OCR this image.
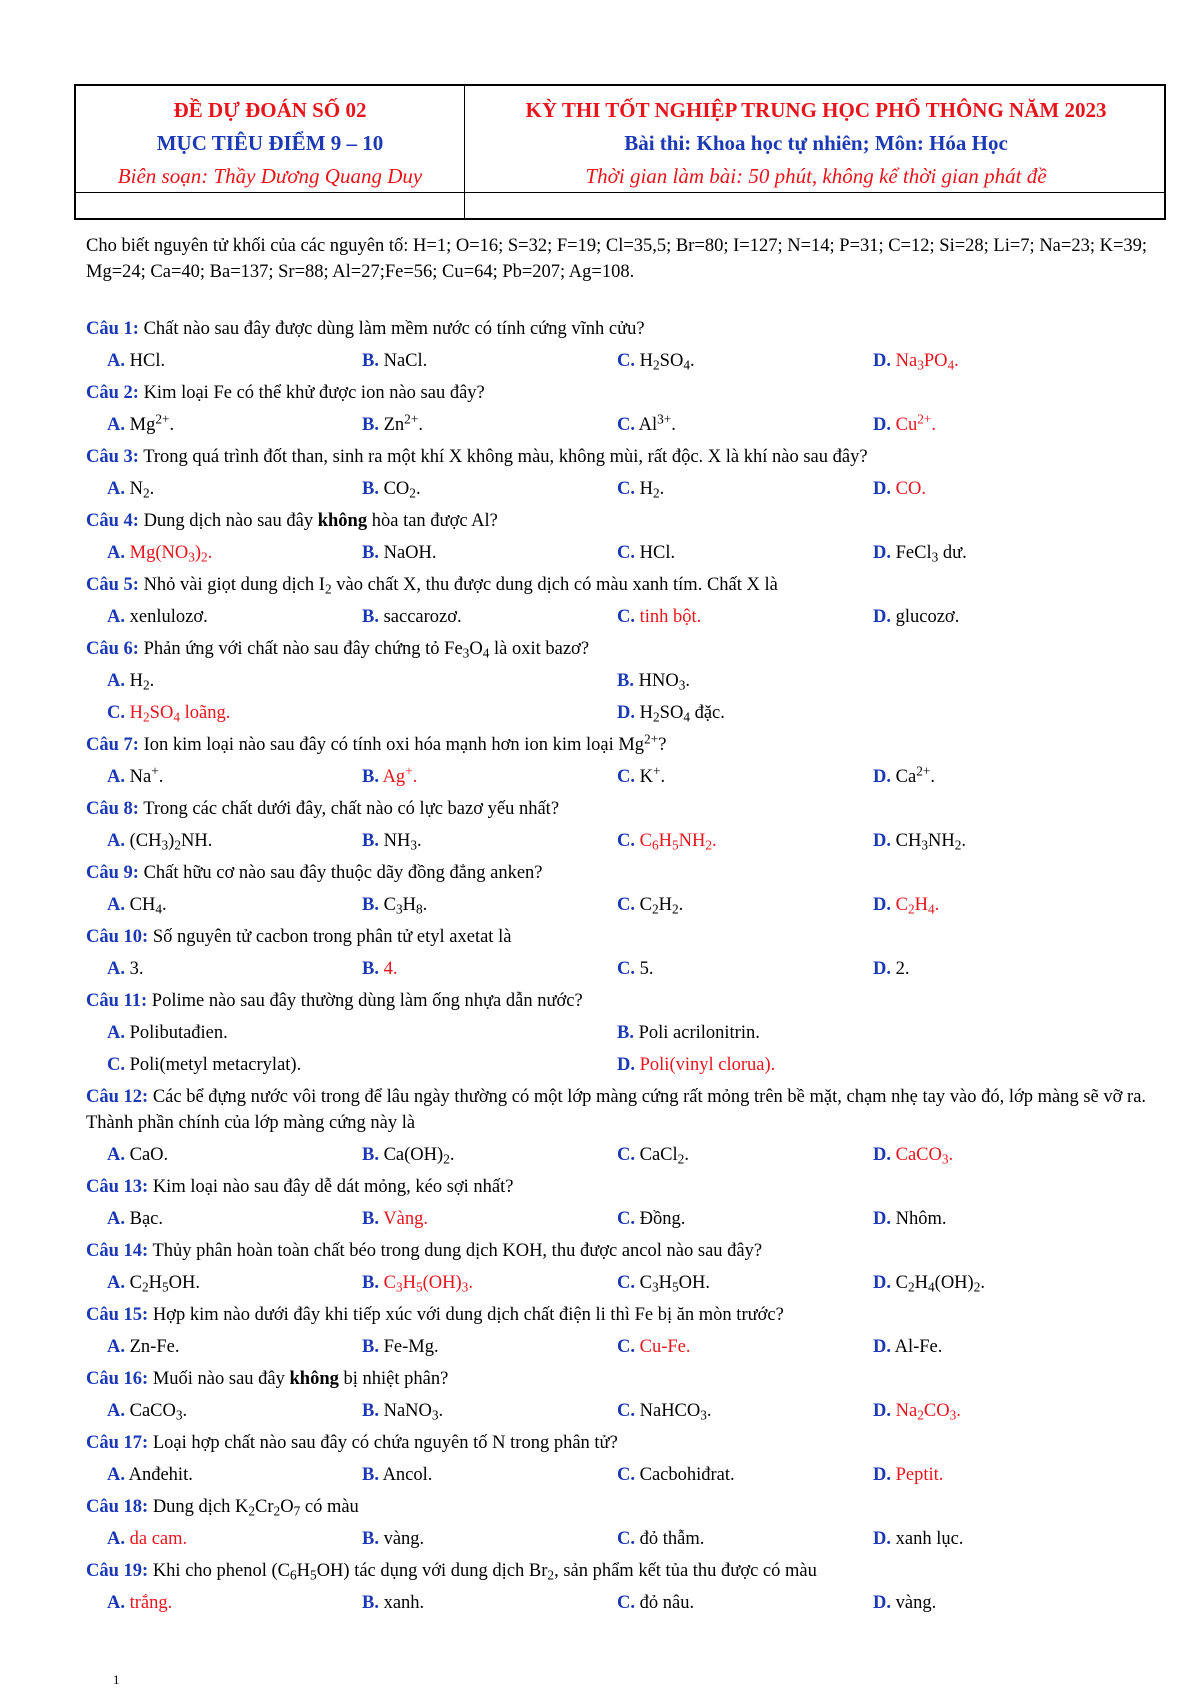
ĐỀ DỰ ĐOÁN SỐ 02
MỤC TIÊU ĐIỂM 9 – 10
Biên soạn: Thầy Dương Quang Duy
KỲ THI TỐT NGHIỆP TRUNG HỌC PHỔ THÔNG NĂM 2023
Bài thi: Khoa học tự nhiên; Môn: Hóa Học
Thời gian làm bài: 50 phút, không kể thời gian phát đề
Cho biết nguyên tử khối của các nguyên tố: H=1; O=16; S=32; F=19; Cl=35,5; Br=80; I=127; N=14; P=31; C=12; Si=28; Li=7; Na=23; K=39; Mg=24; Ca=40; Ba=137; Sr=88; Al=27;Fe=56; Cu=64; Pb=207; Ag=108.
Câu 1: Chất nào sau đây được dùng làm mềm nước có tính cứng vĩnh cửu?
A. HCl.	B. NaCl.	C. $H_2SO_4$.	D. $Na_3PO_4$.
Câu 2: Kim loại Fe có thể khử được ion nào sau đây?
A. $Mg^{2+}$.	B. $Zn^{2+}$.	C. $Al^{3+}$.	D. $Cu^{2+}$.
Câu 3: Trong quá trình đốt than, sinh ra một khí X không màu, không mùi, rất độc. X là khí nào sau đây?
A. $N_2$.	B. $CO_2$.	C. $H_2$.	D. CO.
Câu 4: Dung dịch nào sau đây không hòa tan được Al?
A. $Mg(NO_3)_2$.	B. NaOH.	C. HCl.	D. FeCl$_3$ dư.
Câu 5: Nhỏ vài giọt dung dịch $I_2$ vào chất X, thu được dung dịch có màu xanh tím. Chất X là
A. xenlulozơ.	B. saccarozơ.	C. tinh bột.	D. glucozơ.
Câu 6: Phản ứng với chất nào sau đây chứng tỏ $Fe_3O_4$ là oxit bazơ?
A. $H_2$.	B. $HNO_3$.
C. $H_2SO_4$ loãng.	D. $H_2SO_4$ đặc.
Câu 7: Ion kim loại nào sau đây có tính oxi hóa mạnh hơn ion kim loại $Mg^{2+}$?
A. Na+.	B. Ag+.	C. K+.	D. $Ca^{2+}$.
Câu 8: Trong các chất dưới đây, chất nào có lực bazơ yếu nhất?
A. $(CH_3)_2NH$.	B. $NH_3$.	C. $C_6H_5NH_2$.	D. $CH_3NH_2$.
Câu 9: Chất hữu cơ nào sau đây thuộc dãy đồng đẳng anken?
A. $CH_4$.	B. $C_3H_8$.	C. $C_2H_2$.	D. $C_2H_4$.
Câu 10: Số nguyên tử cacbon trong phân tử etyl axetat là
A. 3.	B. 4.	C. 5.	D. 2.
Câu 11: Polime nào sau đây thường dùng làm ống nhựa dẫn nước?
A. Polibutađien.	B. Poli acrilonitrin.
C. Poli(metyl metacrylat).	D. Poli(vinyl clorua).
Câu 12: Các bể đựng nước vôi trong để lâu ngày thường có một lớp màng cứng rất mỏng trên bề mặt, chạm nhẹ tay vào đó, lớp màng sẽ vỡ ra. Thành phần chính của lớp màng cứng này là
A. CaO.	B. $Ca(OH)_2$.	C. CaCl$_2$.	D. CaCO$_3$.
Câu 13: Kim loại nào sau đây dễ dát mỏng, kéo sợi nhất?
A. Bạc.	B. Vàng.	C. Đồng.	D. Nhôm.
Câu 14: Thủy phân hoàn toàn chất béo trong dung dịch KOH, thu được ancol nào sau đây?
A. $C_2H_5OH$.	B. $C_3H_5(OH)_3$.	C. $C_3H_5OH$.	D. $C_2H_4(OH)_2$.
Câu 15: Hợp kim nào dưới đây khi tiếp xúc với dung dịch chất điện li thì Fe bị ăn mòn trước?
A. Zn-Fe.	B. Fe-Mg.	C. Cu-Fe.	D. Al-Fe.
Câu 16: Muối nào sau đây không bị nhiệt phân?
A. CaCO$_3$.	B. NaNO$_3$.	C. NaHCO$_3$.	D. $Na_2CO_3$.
Câu 17: Loại hợp chất nào sau đây có chứa nguyên tố N trong phân tử?
A. Anđehit.	B. Ancol.	C. Cacbohiđrat.	D. Peptit.
Câu 18: Dung dịch $K_2Cr_2O_7$ có màu
A. da cam.	B. vàng.	C. đỏ thẫm.	D. xanh lục.
Câu 19: Khi cho phenol $(C_6H_5OH)$ tác dụng với dung dịch $Br_2$, sản phẩm kết tủa thu được có màu
A. trắng.	B. xanh.	C. đỏ nâu.	D. vàng.
1
